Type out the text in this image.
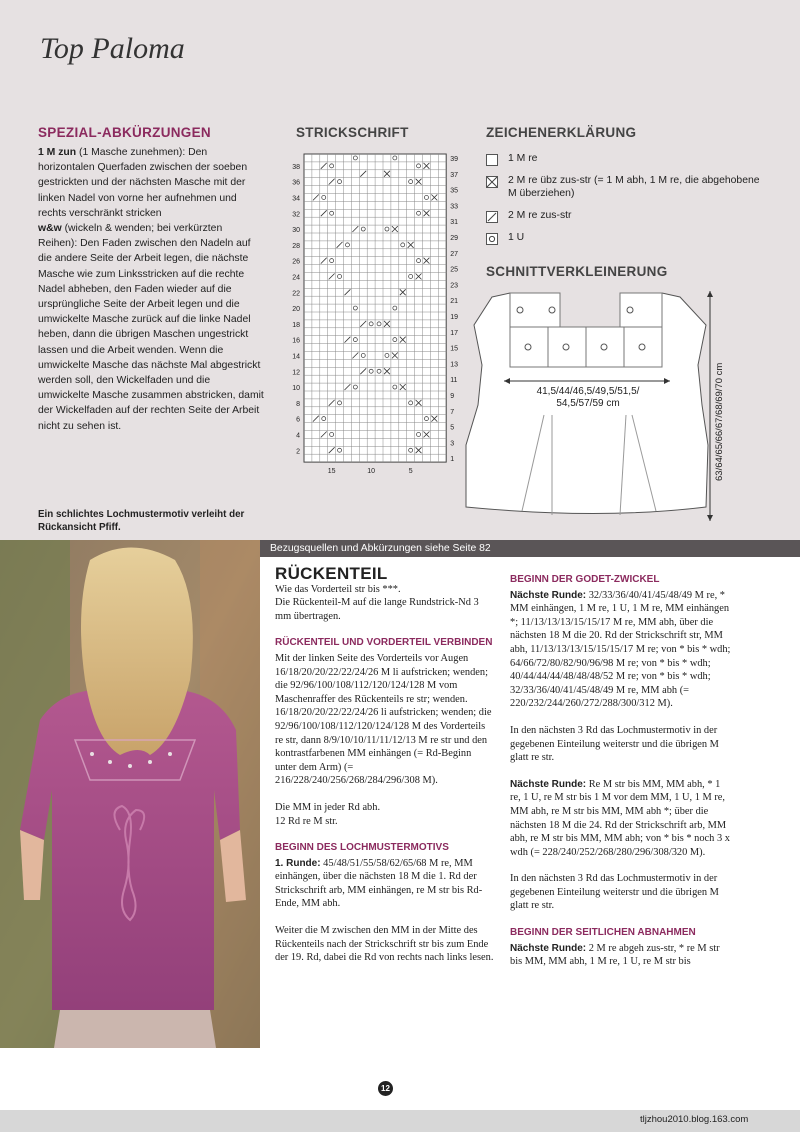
Top Paloma
SPEZIAL-ABKÜRZUNGEN
1 M zun (1 Masche zunehmen): Den horizontalen Querfaden zwischen der soeben gestrickten und der nächsten Masche mit der linken Nadel von vorne her aufnehmen und rechts verschränkt stricken
w&w (wickeln & wenden; bei verkürzten Reihen): Den Faden zwischen den Nadeln auf die andere Seite der Arbeit legen, die nächste Masche wie zum Linksstricken auf die rechte Nadel abheben, den Faden wieder auf die ursprüngliche Seite der Arbeit legen und die umwickelte Masche zurück auf die linke Nadel heben, dann die übrigen Maschen ungestrickt lassen und die Arbeit wenden. Wenn die umwickelte Masche das nächste Mal abgestrickt werden soll, den Wickelfaden und die umwickelte Masche zusammen abstricken, damit der Wickelfaden auf der rechten Seite der Arbeit nicht zu sehen ist.
STRICKSCHRIFT
39
37
35
33
31
29
27
25
23
21
19
17
15
13
11
9
7
5
3
1
38
36
34
32
30
28
26
24
22
20
18
16
14
12
10
8
6
4
2
15	10	5
ZEICHENERKLÄRUNG
1 M re
2 M re übz zus-str (= 1 M abh, 1 M re, die abgehobene M überziehen)
2 M re zus-str
1 U
SCHNITTVERKLEINERUNG
41,5/44/46,5/49,5/51,5/
54,5/57/59 cm	63/64/65/66/67/68/69/70 cm
Ein schlichtes Lochmustermotiv verleiht der Rückansicht Pfiff.
Bezugsquellen und Abkürzungen siehe Seite 82
RÜCKENTEIL
Wie das Vorderteil str bis ***.

Die Rückenteil-M auf die lange Rundstrick-Nd 3 mm übertragen.

RÜCKENTEIL UND VORDERTEIL VERBINDEN

Mit der linken Seite des Vorderteils vor Augen 16/18/20/20/22/22/24/26 M li aufstricken; wenden; die 92/96/100/108/112/120/124/128 M vom Maschenraffer des Rückenteils re str; wenden. 16/18/20/20/22/22/24/26 li aufstricken; wenden; die 92/96/100/108/112/120/124/128 M des Vorderteils re str, dann 8/9/10/10/11/11/12/13 M re str und den kontrastfarbenen MM einhängen (= Rd-Beginn unter dem Arm) (= 216/228/240/256/268/284/296/308 M).

Die MM in jeder Rd abh.

12 Rd re M str.

BEGINN DES LOCHMUSTERMOTIVS

1. Runde: 45/48/51/55/58/62/65/68 M re, MM einhängen, über die nächsten 18 M die 1. Rd der Strickschrift arb, MM einhängen, re M str bis Rd-Ende, MM abh.

Weiter die M zwischen den MM in der Mitte des Rückenteils nach der Strickschrift str bis zum Ende der 19. Rd, dabei die Rd von rechts nach links lesen.

BEGINN DER GODET-ZWICKEL

Nächste Runde: 32/33/36/40/41/45/48/49 M re, * MM einhängen, 1 M re, 1 U, 1 M re, MM einhängen *; 11/13/13/13/15/15/17 M re, MM abh, über die nächsten 18 M die 20. Rd der Strickschrift str, MM abh, 11/13/13/13/15/15/15/17 M re; von * bis * wdh; 64/66/72/80/82/90/96/98 M re; von * bis * wdh; 40/44/44/44/48/48/48/52 M re; von * bis * wdh; 32/33/36/40/41/45/48/49 M re, MM abh (= 220/232/244/260/272/288/300/312 M).

In den nächsten 3 Rd das Lochmustermotiv in der gegebenen Einteilung weiterstr und die übrigen M glatt re str.

Nächste Runde: Re M str bis MM, MM abh, * 1 re, 1 U, re M str bis 1 M vor dem MM, 1 U, 1 M re, MM abh, re M str bis MM, MM abh *; über die nächsten 18 M die 24. Rd der Strickschrift arb, MM abh, re M str bis MM, MM abh; von * bis * noch 3 x wdh (= 228/240/252/268/280/296/308/320 M).

In den nächsten 3 Rd das Lochmustermotiv in der gegebenen Einteilung weiterstr und die übrigen M glatt re str.

BEGINN DER SEITLICHEN ABNAHMEN

Nächste Runde: 2 M re abgeh zus-str, * re M str bis MM, MM abh, 1 M re, 1 U, re M str bis

12
tljzhou2010.blog.163.com
